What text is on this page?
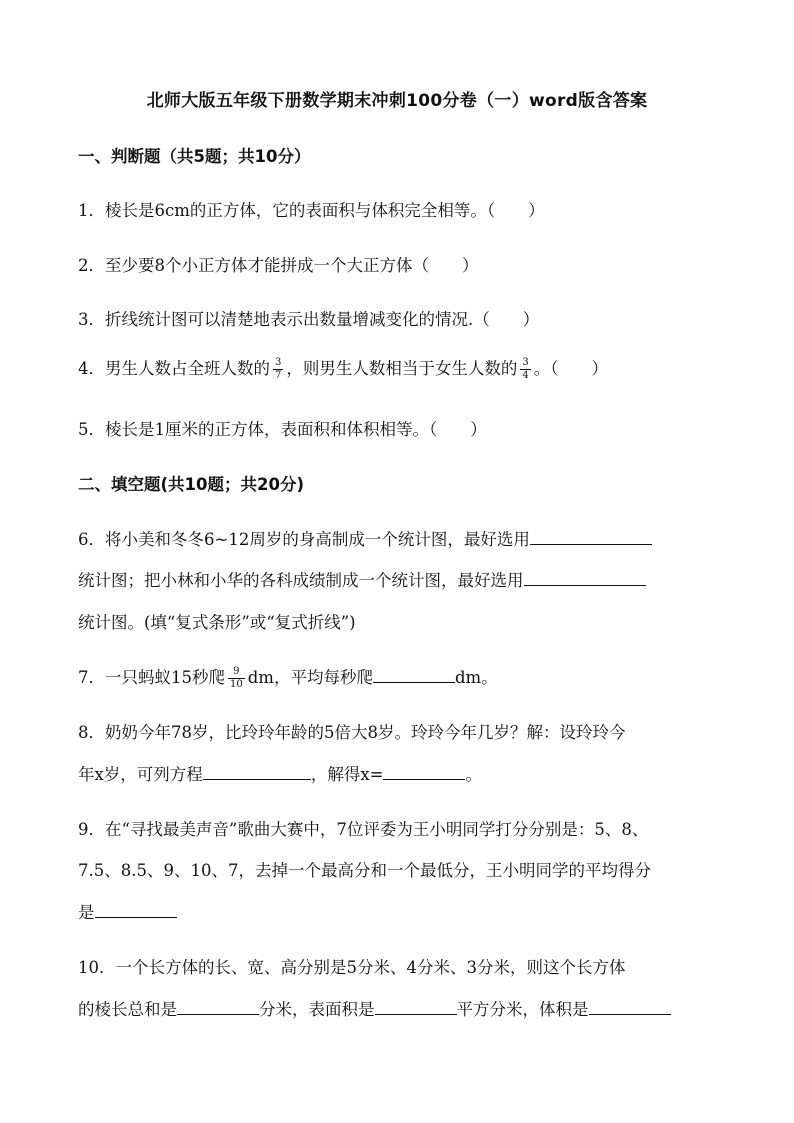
北师大版五年级下册数学期末冲刺100分卷（一）word版含答案
一、判断题（共5题；共10分）
1．棱长是6cm的正方体，它的表面积与体积完全相等。（　　）
2．至少要8个小正方体才能拼成一个大正方体（　　）
3．折线统计图可以清楚地表示出数量增减变化的情况.（　　）
4．男生人数占全班人数的 $\frac{3}{7}$ ，则男生人数相当于女生人数的 $\frac{3}{4}$ 。（　　）
5．棱长是1厘米的正方体，表面积和体积相等。（　　）
二、填空题(共10题；共20分)
6．将小美和冬冬6~12周岁的身高制成一个统计图，最好选用
统计图；把小林和小华的各科成绩制成一个统计图，最好选用
统计图。(填“复式条形”或“复式折线”)
7．一只蚂蚁15秒爬 $\frac{9}{10}$ dm，平均每秒爬	dm。
8．奶奶今年78岁，比玲玲年龄的5倍大8岁。玲玲今年几岁？解：设玲玲今
年x岁，可列方程	，解得x=	。
9．在“寻找最美声音”歌曲大赛中，7位评委为王小明同学打分分别是：5、8、
7.5、8.5、9、10、7，去掉一个最高分和一个最低分，王小明同学的平均得分
是
10．一个长方体的长、宽、高分别是5分米、4分米、3分米，则这个长方体
的棱长总和是	分米，表面积是	平方分米，体积是
